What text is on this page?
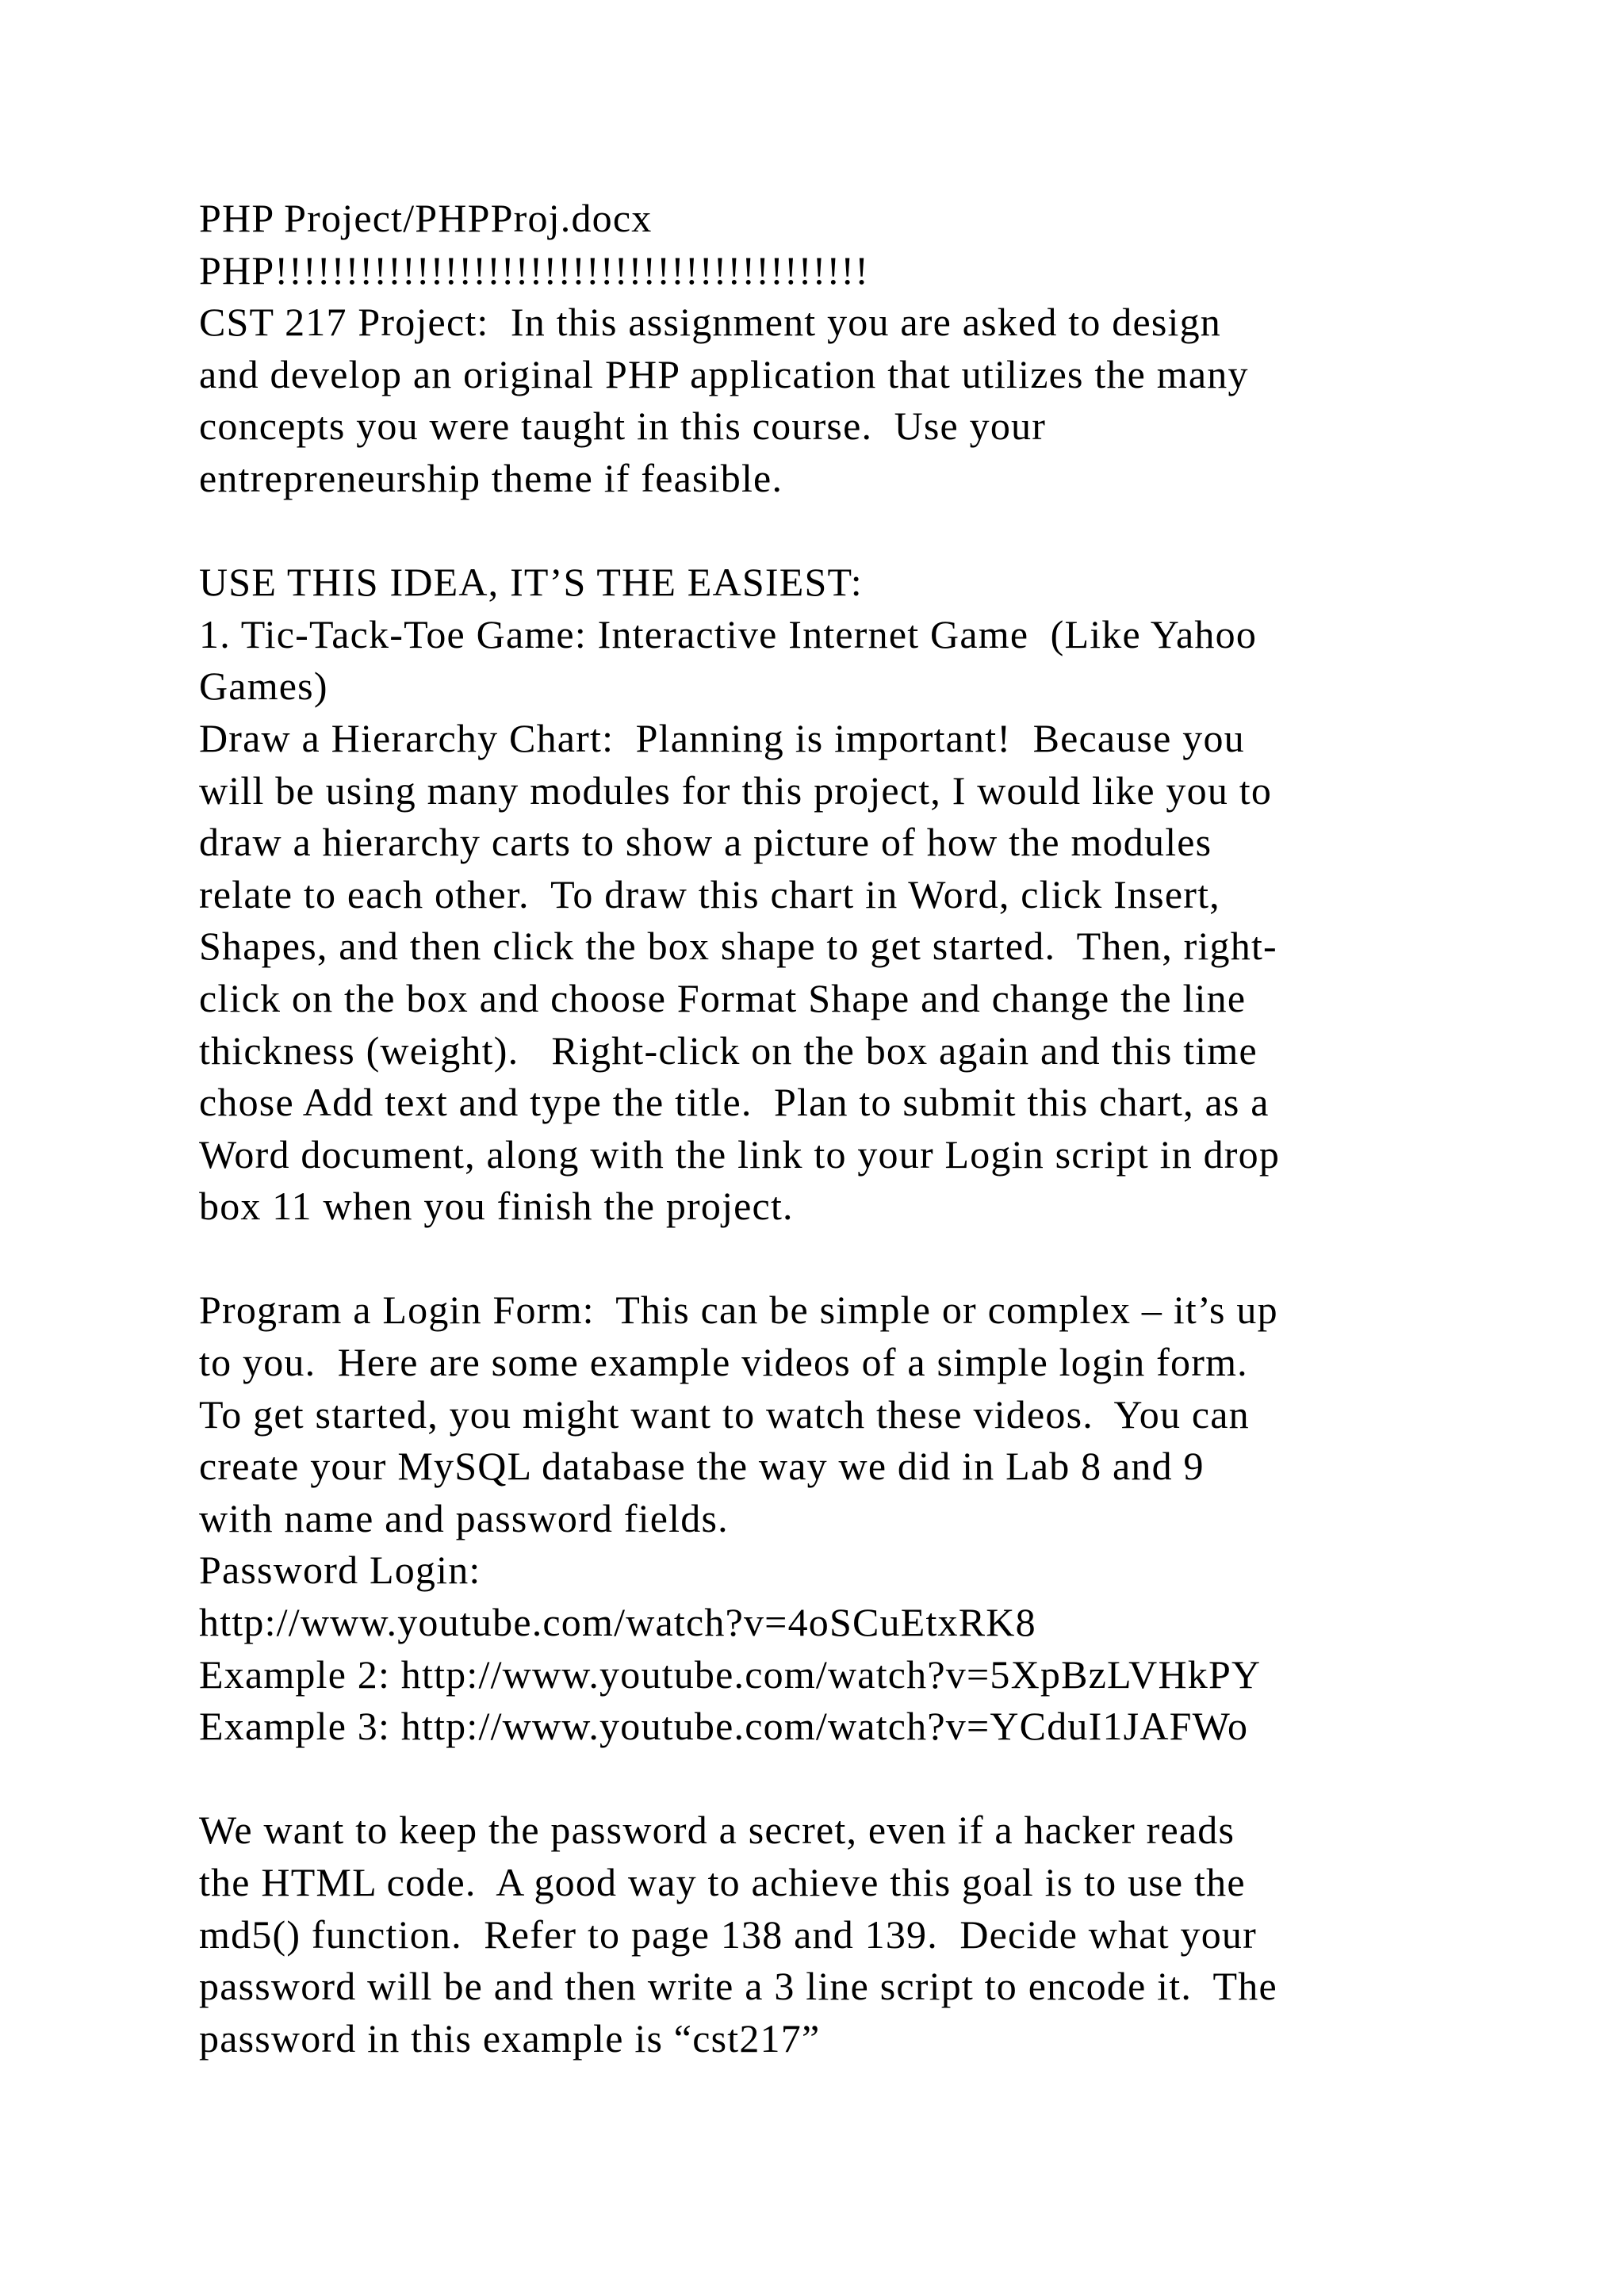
PHP Project/PHPProj.docx
PHP!!!!!!!!!!!!!!!!!!!!!!!!!!!!!!!!!!!!!!!!!!
CST 217 Project:  In this assignment you are asked to design
and develop an original PHP application that utilizes the many
concepts you were taught in this course.  Use your
entrepreneurship theme if feasible.
USE THIS IDEA, IT’S THE EASIEST:
1. Tic-Tack-Toe Game: Interactive Internet Game  (Like Yahoo
Games)
Draw a Hierarchy Chart:  Planning is important!  Because you
will be using many modules for this project, I would like you to
draw a hierarchy carts to show a picture of how the modules
relate to each other.  To draw this chart in Word, click Insert,
Shapes, and then click the box shape to get started.  Then, right-
click on the box and choose Format Shape and change the line
thickness (weight).   Right-click on the box again and this time
chose Add text and type the title.  Plan to submit this chart, as a
Word document, along with the link to your Login script in drop
box 11 when you finish the project.
Program a Login Form:  This can be simple or complex – it’s up
to you.  Here are some example videos of a simple login form.
To get started, you might want to watch these videos.  You can
create your MySQL database the way we did in Lab 8 and 9
with name and password fields.
Password Login:
http://www.youtube.com/watch?v=4oSCuEtxRK8
Example 2: http://www.youtube.com/watch?v=5XpBzLVHkPY
Example 3: http://www.youtube.com/watch?v=YCduI1JAFWo
We want to keep the password a secret, even if a hacker reads
the HTML code.  A good way to achieve this goal is to use the
md5() function.  Refer to page 138 and 139.  Decide what your
password will be and then write a 3 line script to encode it.  The
password in this example is “cst217”
